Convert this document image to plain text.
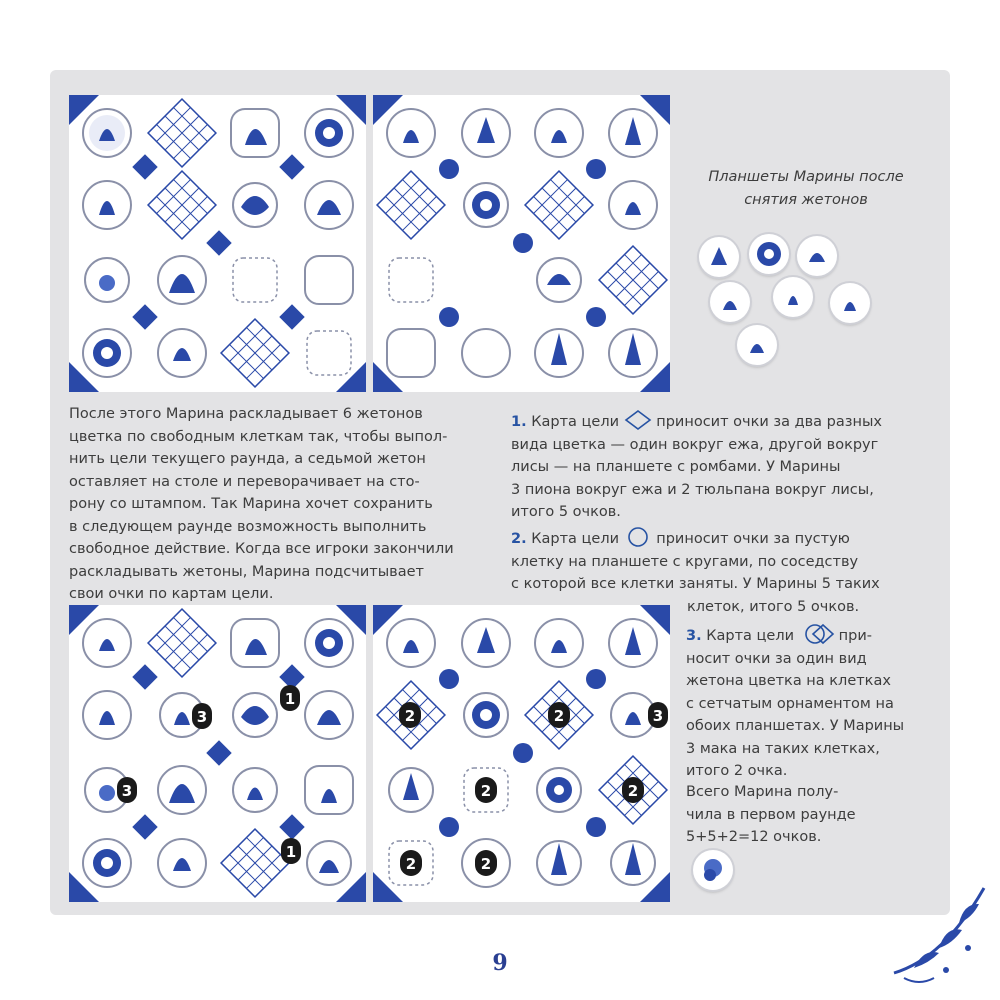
Планшеты Марины после снятия жетонов

После этого Марина раскладывает 6 жетонов

цветка по свободным клеткам так, чтобы выпол-

нить цели текущего раунда, а седьмой жетон

оставляет на столе и переворачивает на сто-

рону со штампом. Так Марина хочет сохранить

в следующем раунде возможность выполнить

свободное действие. Когда все игроки закончили

раскладывать жетоны, Марина подсчитывает

свои очки по картам цели.

1. Карта цели	приносит очки за два разных
вида цветка — один вокруг ежа, другой вокруг
лисы — на планшете с ромбами. У Марины
3 пиона вокруг ежа и 2 тюльпана вокруг лисы,
итого 5 очков.
2. Карта цели	приносит очки за пустую
клетку на планшете с кругами, по соседству
с которой все клетки заняты. У Марины 5 таких
клеток, итого 5 очков.
3. Карта цели	при-
носит очки за один вид
жетона цветка на клетках
с сетчатым орнаментом на
обоих планшетах. У Марины
3 мака на таких клетках,
итого 2 очка.
Всего Марина полу-
чила в первом раунде
5+5+2=12 очков.
1
3
3
1
2	2
2
3
2
2	2
9
